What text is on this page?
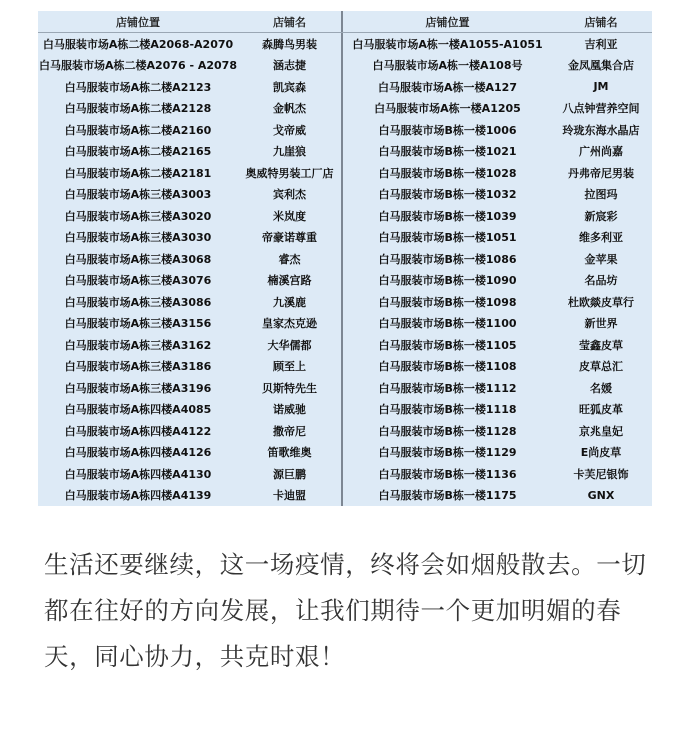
店铺位置	店铺名
白马服装市场A栋二楼A2068-A2070	森腾鸟男装
白马服装市场A栋二楼A2076 - A2078	涵志捷
白马服装市场A栋二楼A2123	凯宾森
白马服装市场A栋二楼A2128	金帆杰
白马服装市场A栋二楼A2160	戈帝威
白马服装市场A栋二楼A2165	九崖狼
白马服装市场A栋二楼A2181	奥威特男装工厂店
白马服装市场A栋三楼A3003	宾利杰
白马服装市场A栋三楼A3020	米岚度
白马服装市场A栋三楼A3030	帝豪诺尊重
白马服装市场A栋三楼A3068	睿杰
白马服装市场A栋三楼A3076	楠溪宫路
白马服装市场A栋三楼A3086	九溪鹿
白马服装市场A栋三楼A3156	皇家杰克逊
白马服装市场A栋三楼A3162	大华儒都
白马服装市场A栋三楼A3186	顾至上
白马服装市场A栋三楼A3196	贝斯特先生
白马服装市场A栋四楼A4085	诺威驰
白马服装市场A栋四楼A4122	撒帝尼
白马服装市场A栋四楼A4126	笛歌维奥
白马服装市场A栋四楼A4130	源巨鹏
白马服装市场A栋四楼A4139	卡迪盟
店铺位置	店铺名
白马服装市场A栋一楼A1055-A1051	吉利亚
白马服装市场A栋一楼A108号	金凤凰集合店
白马服装市场A栋一楼A127	JM
白马服装市场A栋一楼A1205	八点钟营养空间
白马服装市场B栋一楼1006	玲珑东海水晶店
白马服装市场B栋一楼1021	广州尚嘉
白马服装市场B栋一楼1028	丹弗帝尼男装
白马服装市场B栋一楼1032	拉图玛
白马服装市场B栋一楼1039	新宸彩
白马服装市场B栋一楼1051	维多利亚
白马服装市场B栋一楼1086	金苹果
白马服装市场B栋一楼1090	名品坊
白马服装市场B栋一楼1098	杜欧燚皮草行
白马服装市场B栋一楼1100	新世界
白马服装市场B栋一楼1105	莹鑫皮草
白马服装市场B栋一楼1108	皮草总汇
白马服装市场B栋一楼1112	名媛
白马服装市场B栋一楼1118	旺狐皮革
白马服装市场B栋一楼1128	京兆皇妃
白马服装市场B栋一楼1129	E尚皮草
白马服装市场B栋一楼1136	卡芙尼银饰
白马服装市场B栋一楼1175	GNX
生活还要继续，这一场疫情，终将会如烟般散去。一切都在往好的方向发展，让我们期待一个更加明媚的春天，同心协力，共克时艰！
